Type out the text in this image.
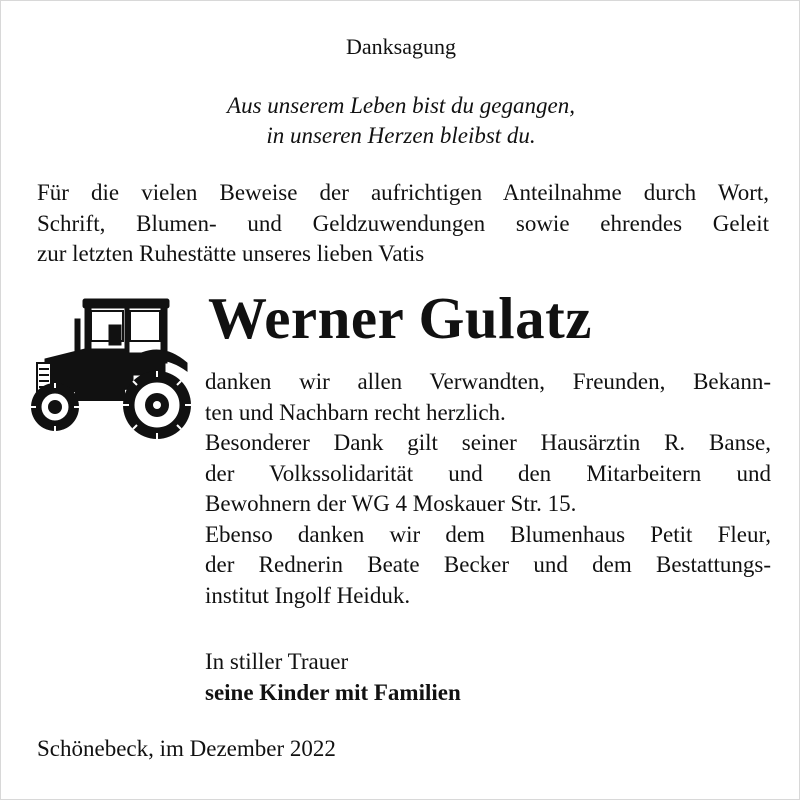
Danksagung
Aus unserem Leben bist du gegangen,
in unseren Herzen bleibst du.
Für die vielen Beweise der aufrichtigen Anteilnahme durch Wort,
Schrift, Blumen- und Geldzuwendungen sowie ehrendes Geleit
zur letzten Ruhestätte unseres lieben Vatis
Werner Gulatz
danken wir allen Verwandten, Freunden, Bekann-
ten und Nachbarn recht herzlich.
Besonderer Dank gilt seiner Hausärztin R. Banse,
der Volkssolidarität und den Mitarbeitern und
Bewohnern der WG 4 Moskauer Str. 15.
Ebenso danken wir dem Blumenhaus Petit Fleur,
der Rednerin Beate Becker und dem Bestattungs-
institut Ingolf Heiduk.
In stiller Trauer
seine Kinder mit Familien
Schönebeck, im Dezember 2022
